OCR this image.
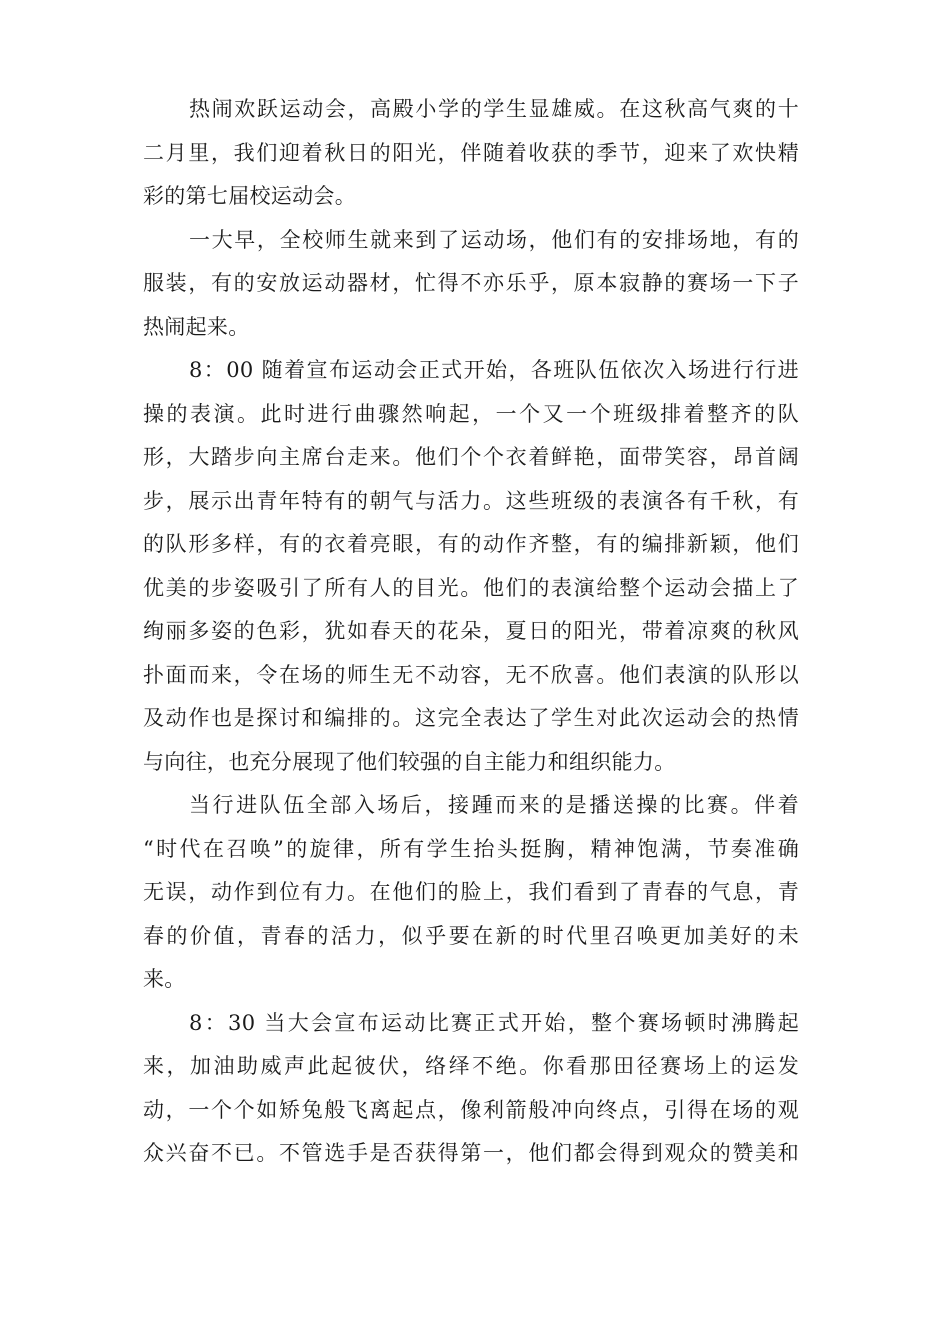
热闹欢跃运动会，高殿小学的学生显雄威。在这秋高气爽的十
二月里，我们迎着秋日的阳光，伴随着收获的季节，迎来了欢快精
彩的第七届校运动会。
一大早，全校师生就来到了运动场，他们有的安排场地，有的
服装，有的安放运动器材，忙得不亦乐乎，原本寂静的赛场一下子
热闹起来。
8：00 随着宣布运动会正式开始，各班队伍依次入场进行行进
操的表演。此时进行曲骤然响起，一个又一个班级排着整齐的队
形，大踏步向主席台走来。他们个个衣着鲜艳，面带笑容，昂首阔
步，展示出青年特有的朝气与活力。这些班级的表演各有千秋，有
的队形多样，有的衣着亮眼，有的动作齐整，有的编排新颖，他们
优美的步姿吸引了所有人的目光。他们的表演给整个运动会描上了
绚丽多姿的色彩，犹如春天的花朵，夏日的阳光，带着凉爽的秋风
扑面而来，令在场的师生无不动容，无不欣喜。他们表演的队形以
及动作也是探讨和编排的。这完全表达了学生对此次运动会的热情
与向往，也充分展现了他们较强的自主能力和组织能力。
当行进队伍全部入场后，接踵而来的是播送操的比赛。伴着
“时代在召唤”的旋律，所有学生抬头挺胸，精神饱满，节奏准确
无误，动作到位有力。在他们的脸上，我们看到了青春的气息，青
春的价值，青春的活力，似乎要在新的时代里召唤更加美好的未
来。
8：30 当大会宣布运动比赛正式开始，整个赛场顿时沸腾起
来，加油助威声此起彼伏，络绎不绝。你看那田径赛场上的运发
动，一个个如矫兔般飞离起点，像利箭般冲向终点，引得在场的观
众兴奋不已。不管选手是否获得第一，他们都会得到观众的赞美和
